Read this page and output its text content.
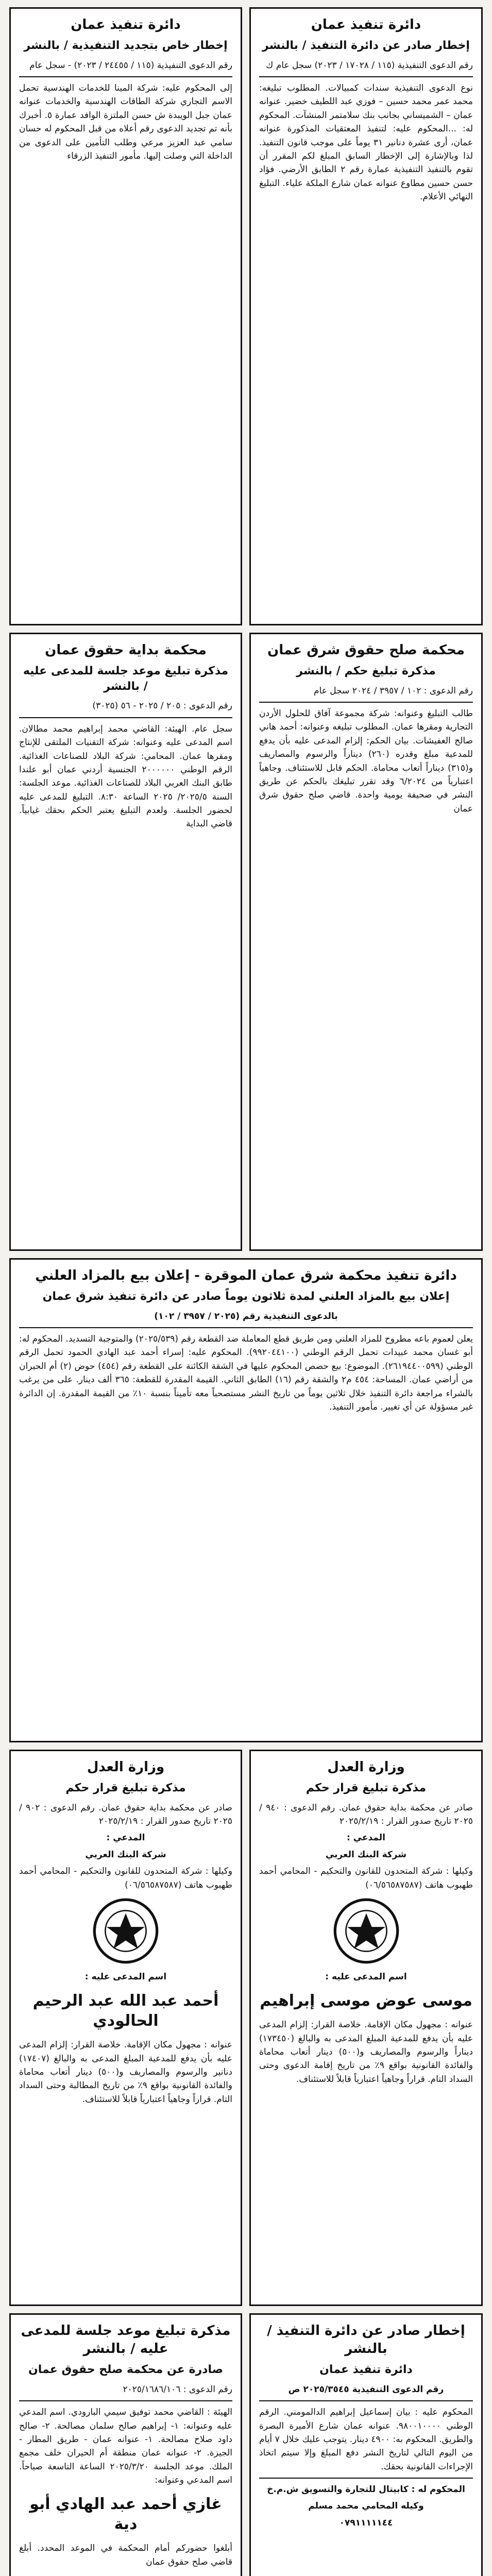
دائرة تنفيذ عمان
إخطار خاص بتجديد التنفيذية / بالنشر

رقم الدعوى التنفيذية (١١٥ / ٢٤٤٥٥ / ٢٠٢٣) - سجل عام

إلى المحكوم عليه: شركة المينا للخدمات الهندسية تحمل الاسم التجاري شركة الطاقات الهندسية والخدمات عنوانه عمان جبل الويبدة ش حسن الملتزة الوافد عمارة ٥. أخبرك بأنه تم تجديد الدعوى رقم أعلاه من قبل المحكوم له حسان سامي عبد العزيز مرعي وطلب التأمين على الدعوى من الداخلة التي وصلت إليها. مأمور التنفيذ الزرقاء

دائرة تنفيذ عمان
إخطار صادر عن دائرة التنفيذ / بالنشر

رقم الدعوى التنفيذية (١١٥ / ١٧٠٢٨ / ٢٠٢٣) سجل عام ك

نوع الدعوى التنفيذية سندات كمبيالات. المطلوب تبليغه: محمد عمر محمد حسين – فوزي عبد اللطيف خضير. عنوانه عمان – الشميساني بجانب بنك سلامتمر المنشآت. المحكوم له: ...المحكوم عليه: لتنفيذ المعتقيات المذكورة عنوانه عمان، أرى عشرة دنانير ٣١ يوماً على موجب قانون التنفيذ. لذا وبالإشارة إلى الإخطار السابق المبلغ لكم المقرر أن تقوم بالتنفيذ التنفيذية عمارة رقم ٢ الطابق الأرضي. فؤاد حسن حسين مطاوع عنوانه عمان شارع الملكة علياء. التبليغ النهائي الأعلام.

محكمة بداية حقوق عمان
مذكرة تبليغ موعد جلسة للمدعى عليه / بالنشر

رقم الدعوى : ٢٠٥ / ٢٠٢٥ - ٥٦ (٣٠٢٥)

سجل عام. الهيئة: القاضي محمد إبراهيم محمد مطالان. اسم المدعى عليه وعنوانه: شركة التقنيات الملتقى للإنتاج ومقرها عمان. المحامي: شركة البلاد للصناعات الغذائية. الرقم الوطني ٢٠٠٠٠٠٠ الجنسية أردني عمان أبو علندا طابق البنك العربي البلاد للصناعات الغذائية. موعد الجلسة: السنة ٢٠٢٥/٥/ ٢٠٢٥ الساعة ٨:٣٠. التبليغ للمدعى عليه لحضور الجلسة. ولعدم التبليغ يعتبر الحكم بحقك غيابياً. قاضي البداية

محكمة صلح حقوق شرق عمان
مذكرة تبليغ حكم / بالنشر

رقم الدعوى : ١٠٢ / ٣٩٥٧ / ٢٠٢٤ سجل عام

طالب التبليغ وعنوانه: شركة مجموعة آفاق للحلول الأردن التجارية ومقرها عمان. المطلوب تبليغه وعنوانه: أحمد هاني صالح العفيشات. بيان الحكم: إلزام المدعى عليه بأن يدفع للمدعية مبلغ وقدره (٢٦٠) ديناراً والرسوم والمصاريف و(٣١٥) ديناراً أتعاب محاماة. الحكم قابل للاستئناف. وجاهياً اعتبارياً من ٦/٢٠٢٤ وقد تقرر تبليغك بالحكم عن طريق النشر في صحيفة يومية واحدة. قاضي صلح حقوق شرق عمان

دائرة تنفيذ محكمة شرق عمان الموقرة - إعلان بيع بالمزاد العلني
إعلان بيع بالمزاد العلني لمدة ثلاثون يوماً صادر عن دائرة تنفيذ شرق عمان

بالدعوى التنفيذية رقم (٢٠٢٥ / ٣٩٥٧ / ١٠٢)

يعلن لعموم باعه مطروح للمزاد العلني ومن طريق قطع المعاملة ضد القطعة رقم (٢٠٢٥/٥٣٩) والمتوجبة التسديد. المحكوم له: أبو غسان محمد عبيدات تحمل الرقم الوطني (٩٩٢٠٤٤١٠٠). المحكوم عليه: إسراء أحمد عبد الهادي الحمود تحمل الرقم الوطني (٢٦١٩٤٤٠٠٥٩٩). الموضوع: بيع حصص المحكوم عليها في الشقة الكائنة على القطعة رقم (٤٥٤) حوض (٢) أم الحيران من أراضي عمان. المساحة: ٤٥٤ م٢ والشقة رقم (١٦) الطابق الثاني. القيمة المقدرة للقطعة: ٣٦٥ ألف دينار. على من يرغب بالشراء مراجعة دائرة التنفيذ خلال ثلاثين يوماً من تاريخ النشر مستصحباً معه تأميناً بنسبة ١٠٪ من القيمة المقدرة. إن الدائرة غير مسؤولة عن أي تغيير. مأمور التنفيذ.

وزارة العدل
مذكرة تبليغ قرار حكم

صادر عن محكمة بداية حقوق عمان. رقم الدعوى : ٩٠٢ / ٢٠٢٥ تاريخ صدور القرار : ٢٠٢٥/٢/١٩

المدعي :

شركة البنك العربي

وكيلها : شركة المتحدون للقانون والتحكيم - المحامي أحمد طهبوب هاتف (٠٦/٥٦٥٨٧٥٨٧)

اسم المدعى عليه :

أحمد عبد الله عبد الرحيم الحالودي

عنوانه : مجهول مكان الإقامة. خلاصة القرار: إلزام المدعى عليه بأن يدفع للمدعية المبلغ المدعى به والبالغ (١٧٤٠٧) دنانير والرسوم والمصاريف و(٥٠٠) دينار أتعاب محاماة والفائدة القانونية بواقع ٩٪ من تاريخ المطالبة وحتى السداد التام. قراراً وجاهياً اعتبارياً قابلاً للاستئناف.

وزارة العدل
مذكرة تبليغ قرار حكم

صادر عن محكمة بداية حقوق عمان. رقم الدعوى : ٩٤٠ / ٢٠٢٥ تاريخ صدور القرار : ٢٠٢٥/٢/١٩

المدعي :

شركة البنك العربي

وكيلها : شركة المتحدون للقانون والتحكيم - المحامي أحمد طهبوب هاتف (٠٦/٥٦٥٨٧٥٨٧)

اسم المدعى عليه :

موسى عوض موسى إبراهيم

عنوانه : مجهول مكان الإقامة. خلاصة القرار: إلزام المدعى عليه بأن يدفع للمدعية المبلغ المدعى به والبالغ (١٧٣٤٥٠) ديناراً والرسوم والمصاريف و(٥٠٠) دينار أتعاب محاماة والفائدة القانونية بواقع ٩٪ من تاريخ إقامة الدعوى وحتى السداد التام. قراراً وجاهياً اعتبارياً قابلاً للاستئناف.

مذكرة تبليغ موعد جلسة للمدعى عليه / بالنشر
صادرة عن محكمة صلح حقوق عمان

رقم الدعوى : ٢٠٢٥/١٦٨٦/١٠٦

الهيئة : القاضي محمد توفيق سيمي البارودي. اسم المدعي عليه وعنوانه: ١- إبراهيم صالح سلمان مصالحة. ٢- صالح داود صلاح مصالحة. ١- عنوانه عمان - طريق المطار - الجيزة. ٢- عنوانه عمان منطقة أم الحيران خلف مجمع الملك. موعد الجلسة ٢٠٢٥/٣/٢٠ الساعة التاسعة صباحاً. اسم المدعي وعنوانه:

غازي أحمد عبد الهادي أبو دية

أبلغوا حضوركم أمام المحكمة في الموعد المحدد. أبلغ قاضي صلح حقوق عمان

إخطار صادر عن دائرة التنفيذ / بالنشر
دائرة تنفيذ عمان

رقم الدعوى التنفيذية ٢٠٢٥/٣٥٤٥ ص

المحكوم عليه : بيان إسماعيل إبراهيم الدالمومني. الرقم الوطني ٩٨٠٠١٠٠٠٠. عنوانه عمان شارع الأميرة البصرة والطريق. المحكوم به: ٤٩٠٠ دينار. يتوجب عليك خلال ٧ أيام من اليوم التالي لتاريخ النشر دفع المبلغ وإلا سيتم اتخاذ الإجراءات القانونية بحقك.

المحكوم له : كابيتال للتجارة والتسويق ش.م.خ

وكيله المحامي محمد مسلم

٠٧٩١١١١١٤٤
